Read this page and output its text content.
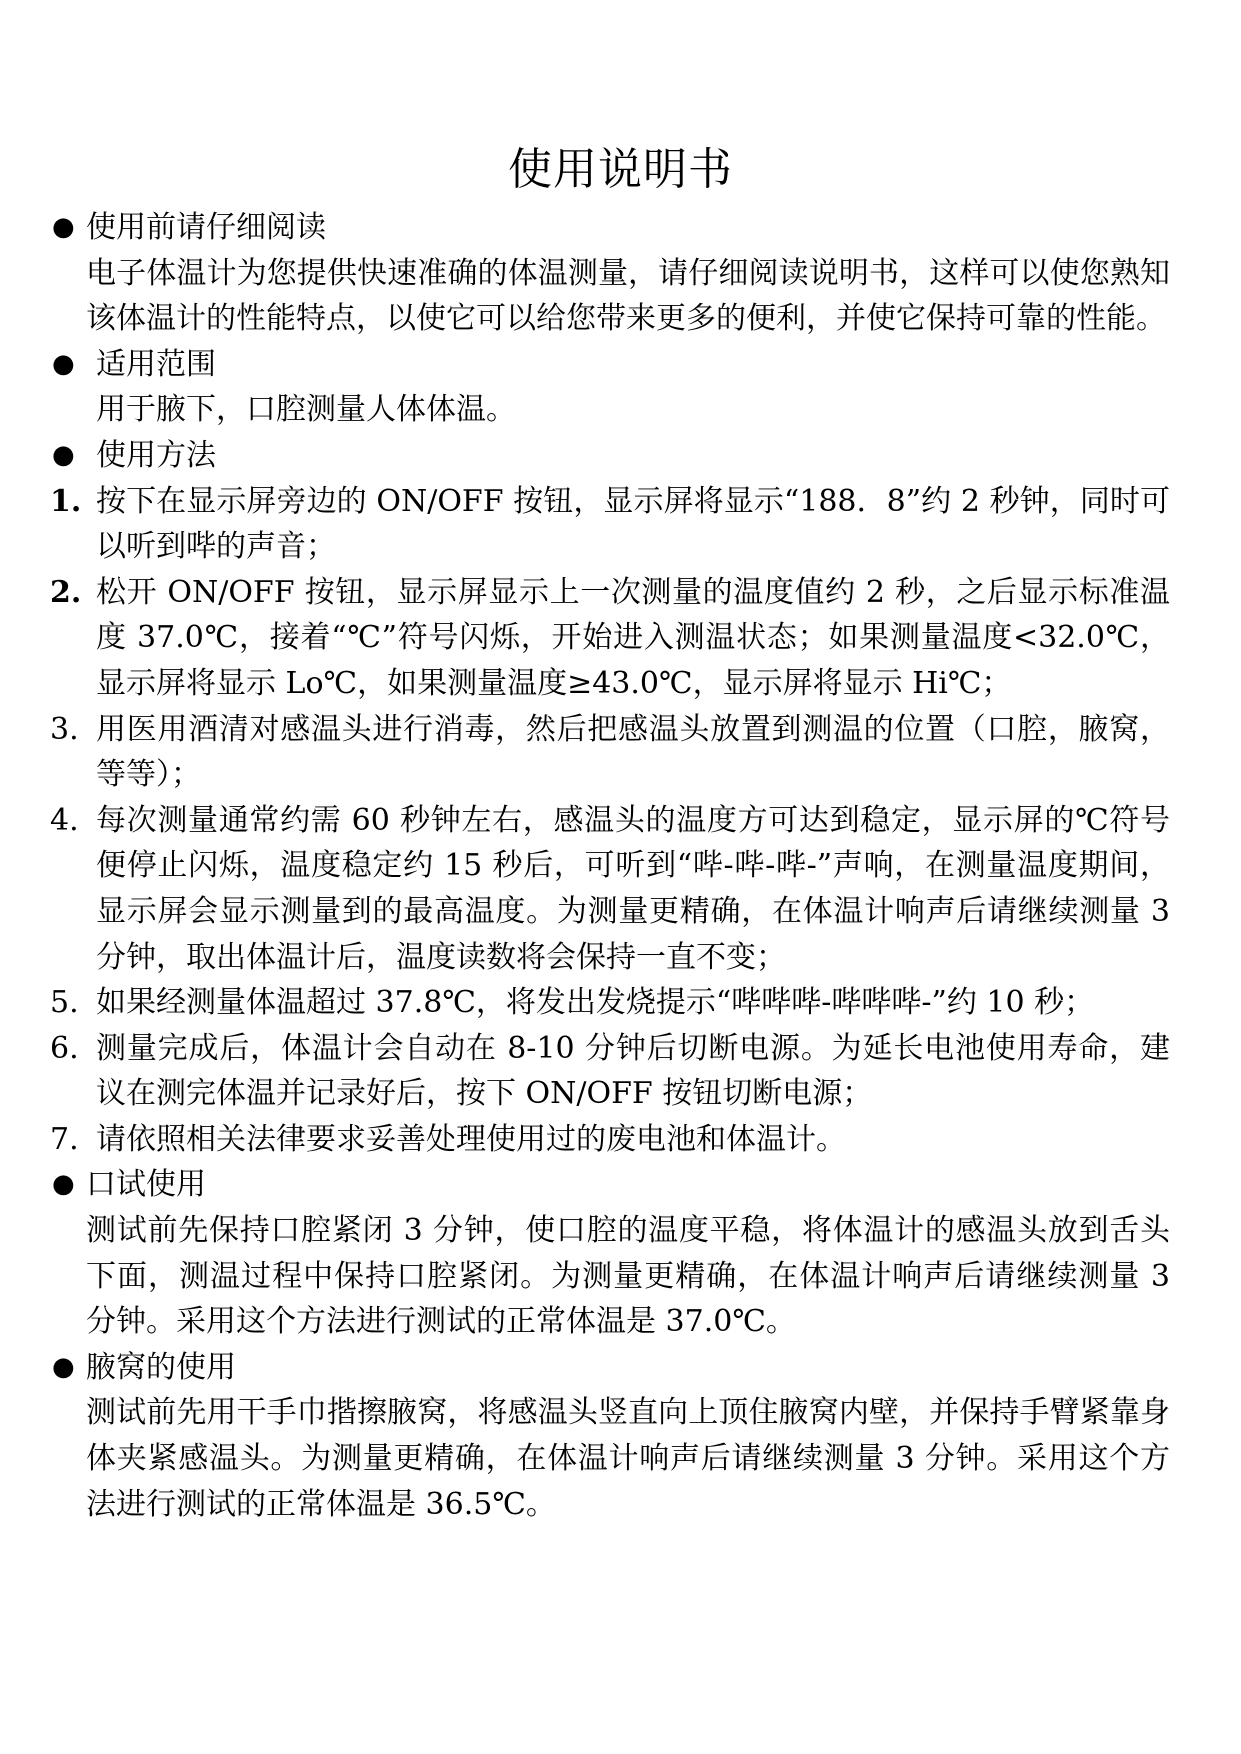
使用说明书
● 使用前请仔细阅读
电子体温计为您提供快速准确的体温测量，请仔细阅读说明书，这样可以使您熟知该体温计的性能特点，以使它可以给您带来更多的便利，并使它保持可靠的性能。
● 适用范围
用于腋下，口腔测量人体体温。
● 使用方法
1. 按下在显示屏旁边的 ON/OFF 按钮，显示屏将显示“188．8”约 2 秒钟，同时可以听到哔的声音；
2. 松开 ON/OFF 按钮，显示屏显示上一次测量的温度值约 2 秒，之后显示标准温度 37.0℃，接着“℃”符号闪烁，开始进入测温状态；如果测量温度<32.0℃，显示屏将显示 Lo℃，如果测量温度≥43.0℃，显示屏将显示 Hi℃；
3. 用医用酒清对感温头进行消毒，然后把感温头放置到测温的位置（口腔，腋窝，等等）；
4. 每次测量通常约需 60 秒钟左右，感温头的温度方可达到稳定，显示屏的℃符号便停止闪烁，温度稳定约 15 秒后，可听到“哔-哔-哔-”声响，在测量温度期间，显示屏会显示测量到的最高温度。为测量更精确，在体温计响声后请继续测量 3 分钟，取出体温计后，温度读数将会保持一直不变；
5. 如果经测量体温超过 37.8℃，将发出发烧提示“哔哔哔-哔哔哔-”约 10 秒；
6. 测量完成后，体温计会自动在 8-10 分钟后切断电源。为延长电池使用寿命，建议在测完体温并记录好后，按下 ON/OFF 按钮切断电源；
7. 请依照相关法律要求妥善处理使用过的废电池和体温计。
● 口试使用
测试前先保持口腔紧闭 3 分钟，使口腔的温度平稳，将体温计的感温头放到舌头下面，测温过程中保持口腔紧闭。为测量更精确，在体温计响声后请继续测量 3 分钟。采用这个方法进行测试的正常体温是 37.0℃。
● 腋窝的使用
测试前先用干手巾揩擦腋窝，将感温头竖直向上顶住腋窝内壁，并保持手臂紧靠身体夹紧感温头。为测量更精确，在体温计响声后请继续测量 3 分钟。采用这个方法进行测试的正常体温是 36.5℃。
